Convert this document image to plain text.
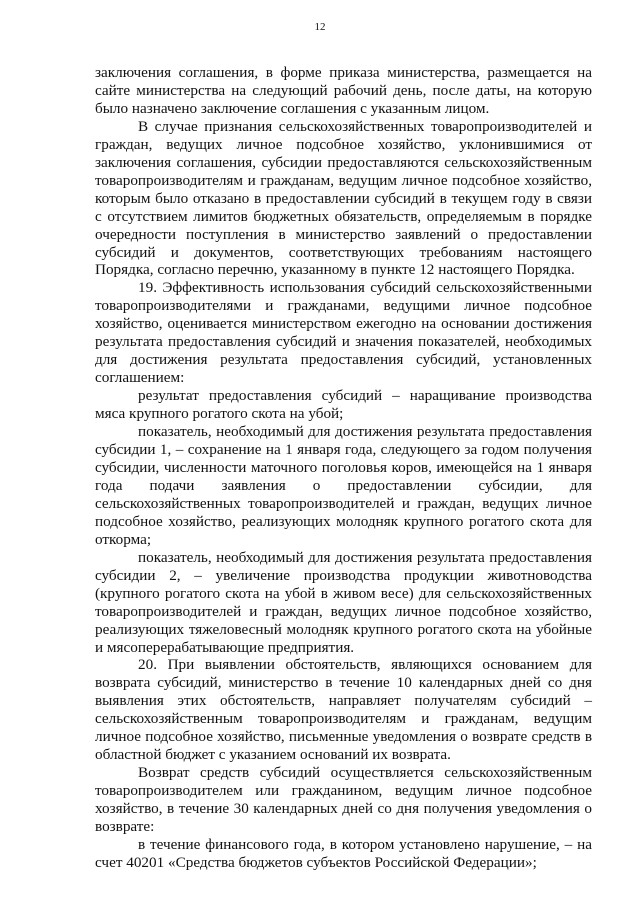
12

заключения соглашения, в форме приказа министерства, размещается на сайте министерства на следующий рабочий день, после даты, на которую было назначено заключение соглашения с указанным лицом.

В случае признания сельскохозяйственных товаропроизводителей и граждан, ведущих личное подсобное хозяйство, уклонившимися от заключения соглашения, субсидии предоставляются сельскохозяйственным товаропроизводителям и гражданам, ведущим личное подсобное хозяйство, которым было отказано в предоставлении субсидий в текущем году в связи с отсутствием лимитов бюджетных обязательств, определяемым в порядке очередности поступления в министерство заявлений о предоставлении субсидий и документов, соответствующих требованиям настоящего Порядка, согласно перечню, указанному в пункте 12 настоящего Порядка.

19. Эффективность использования субсидий сельскохозяйственными товаропроизводителями и гражданами, ведущими личное подсобное хозяйство, оценивается министерством ежегодно на основании достижения результата предоставления субсидий и значения показателей, необходимых для достижения результата предоставления субсидий, установленных соглашением:

результат предоставления субсидий – наращивание производства мяса крупного рогатого скота на убой;

показатель, необходимый для достижения результата предоставления субсидии 1, – сохранение на 1 января года, следующего за годом получения субсидии, численности маточного поголовья коров, имеющейся на 1 января года подачи заявления о предоставлении субсидии, для сельскохозяйственных товаропроизводителей и граждан, ведущих личное подсобное хозяйство, реализующих молодняк крупного рогатого скота для откорма;

показатель, необходимый для достижения результата предоставления субсидии 2, – увеличение производства продукции животноводства (крупного рогатого скота на убой в живом весе) для сельскохозяйственных товаропроизводителей и граждан, ведущих личное подсобное хозяйство, реализующих тяжеловесный молодняк крупного рогатого скота на убойные и мясоперерабатывающие предприятия.

20. При выявлении обстоятельств, являющихся основанием для возврата субсидий, министерство в течение 10 календарных дней со дня выявления этих обстоятельств, направляет получателям субсидий – сельскохозяйственным товаропроизводителям и гражданам, ведущим личное подсобное хозяйство, письменные уведомления о возврате средств в областной бюджет с указанием оснований их возврата.

Возврат средств субсидий осуществляется сельскохозяйственным товаропроизводителем или гражданином, ведущим личное подсобное хозяйство, в течение 30 календарных дней со дня получения уведомления о возврате:

в течение финансового года, в котором установлено нарушение, – на счет 40201 «Средства бюджетов субъектов Российской Федерации»;
